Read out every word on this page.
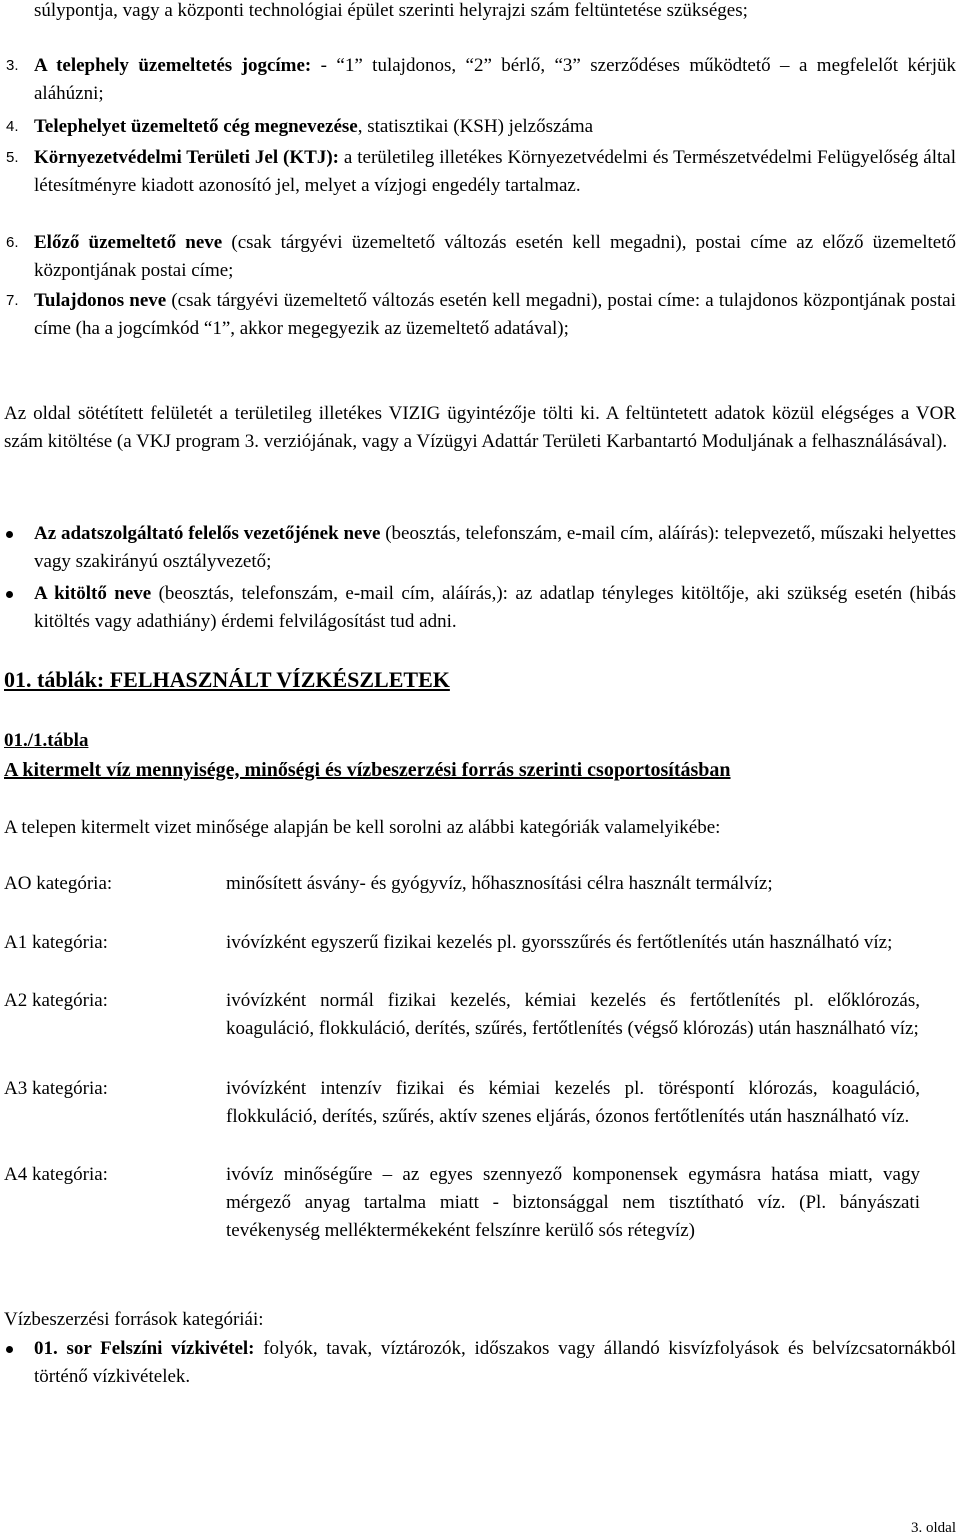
súlypontja, vagy a központi technológiai épület szerinti helyrajzi szám feltüntetése szükséges;
3. A telephely üzemeltetés jogcíme: - “1” tulajdonos, “2” bérlő, “3” szerződéses működtető – a megfelelőt kérjük aláhúzni;
4. Telephelyet üzemeltető cég megnevezése, statisztikai (KSH) jelzőszáma
5. Környezetvédelmi Területi Jel (KTJ): a területileg illetékes Környezetvédelmi és Természetvédelmi Felügyelőség által létesítményre kiadott azonosító jel, melyet a vízjogi engedély tartalmaz.
6. Előző üzemeltető neve (csak tárgyévi üzemeltető változás esetén kell megadni), postai címe az előző üzemeltető központjának postai címe;
7. Tulajdonos neve (csak tárgyévi üzemeltető változás esetén kell megadni), postai címe: a tulajdonos központjának postai címe (ha a jogcímkód “1”, akkor megegyezik az üzemeltető adatával);
Az oldal sötétített felületét a területileg illetékes VIZIG ügyintézője tölti ki. A feltüntetett adatok közül elégséges a VOR szám kitöltése (a VKJ program 3. verziójának, vagy a Vízügyi Adattár Területi Karbantartó Moduljának a felhasználásával).
Az adatszolgáltató felelős vezetőjének neve (beosztás, telefonszám, e-mail cím, aláírás): telepvezető, műszaki helyettes vagy szakirányú osztályvezető;
A kitöltő neve (beosztás, telefonszám, e-mail cím, aláírás,): az adatlap tényleges kitöltője, aki szükség esetén (hibás kitöltés vagy adathiány) érdemi felvilágosítást tud adni.
01. táblák: FELHASZNÁLT VÍZKÉSZLETEK
01./1.tábla
A kitermelt víz mennyisége, minőségi és vízbeszerzési forrás szerinti csoportosításban
A telepen kitermelt vizet minősége alapján be kell sorolni az alábbi kategóriák valamelyikébe:
AO kategória:	minősített ásvány- és gyógyvíz, hőhasznosítási célra használt termálvíz;
A1 kategória:	ivóvízként egyszerű fizikai kezelés pl. gyorsszűrés és fertőtlenítés után használható víz;
A2 kategória:	ivóvízként normál fizikai kezelés, kémiai kezelés és fertőtlenítés pl. előklórozás, koaguláció, flokkuláció, derítés, szűrés, fertőtlenítés (végső klórozás) után használható víz;
A3 kategória:	ivóvízként intenzív fizikai és kémiai kezelés pl. töréspontí klórozás, koaguláció, flokkuláció, derítés, szűrés, aktív szenes eljárás, ózonos fertőtlenítés után használható víz.
A4 kategória:	ivóvíz minőségűre – az egyes szennyező komponensek egymásra hatása miatt, vagy mérgező anyag tartalma miatt - biztonsággal nem tisztítható víz. (Pl. bányászati tevékenység melléktermékeként felszínre kerülő sós rétegvíz)
Vízbeszerzési források kategóriái:
01. sor Felszíni vízkivétel: folyók, tavak, víztározók, időszakos vagy állandó kisvízfolyások és belvízcsatornákból történő vízkivételek.
3. oldal
